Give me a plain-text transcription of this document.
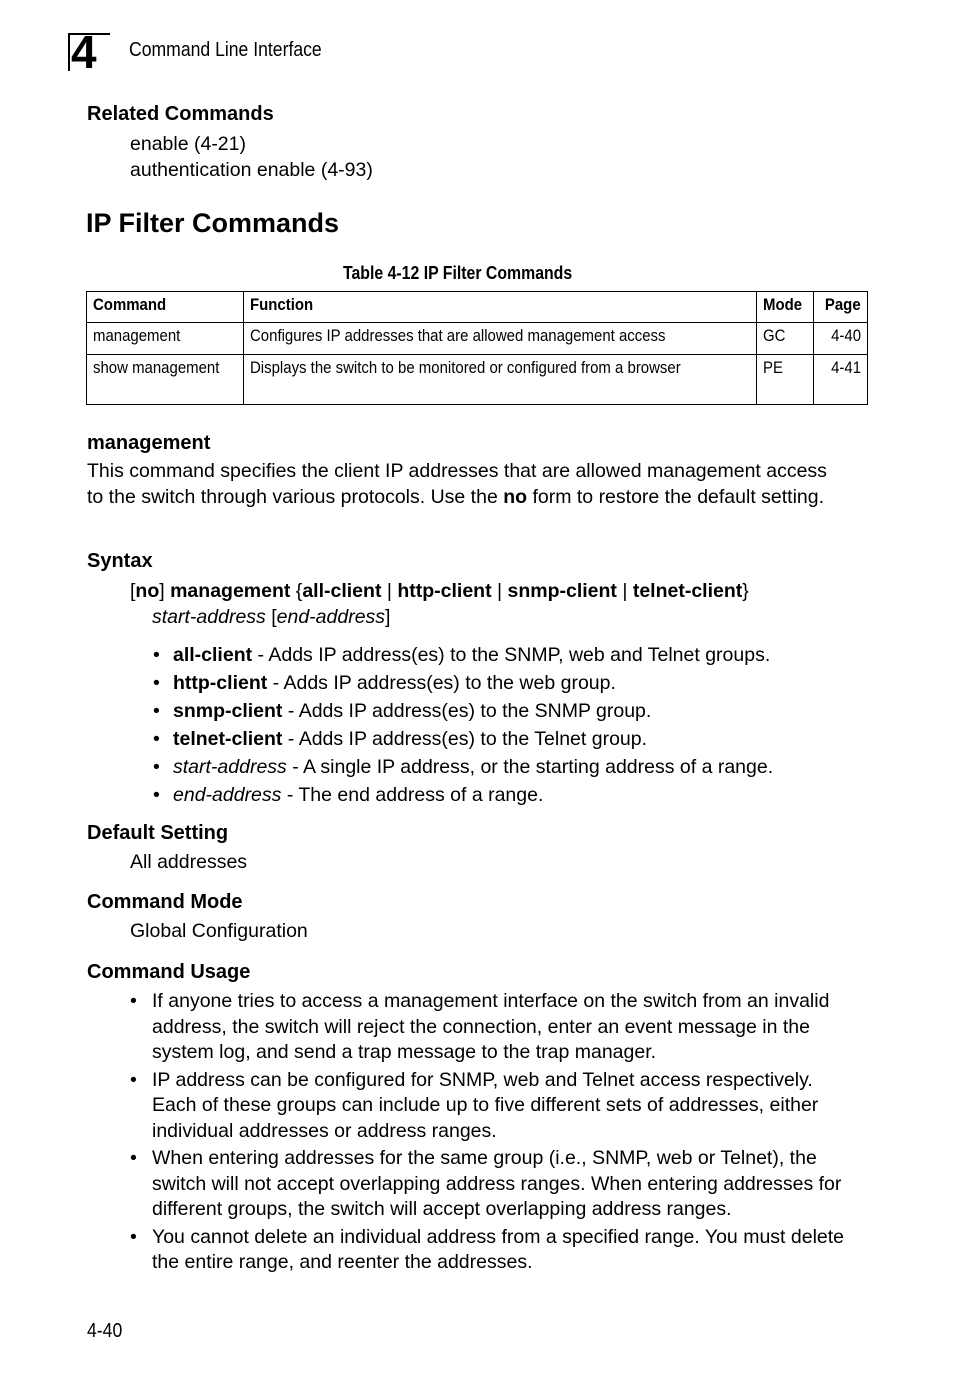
4 Command Line Interface
Related Commands
enable (4-21)
authentication enable (4-93)
IP Filter Commands
Table 4-12 IP Filter Commands
Command	Function	Mode	Page
management	Configures IP addresses that are allowed management access	GC	4-40
show management	Displays the switch to be monitored or configured from a browser	PE	4-41
management
This command specifies the client IP addresses that are allowed management access to the switch through various protocols. Use the no form to restore the default setting.
Syntax
[no] management {all-client | http-client | snmp-client | telnet-client}
start-address [end-address]
• all-client - Adds IP address(es) to the SNMP, web and Telnet groups.
• http-client - Adds IP address(es) to the web group.
• snmp-client - Adds IP address(es) to the SNMP group.
• telnet-client - Adds IP address(es) to the Telnet group.
• start-address - A single IP address, or the starting address of a range.
• end-address - The end address of a range.
Default Setting
All addresses
Command Mode
Global Configuration
Command Usage
• If anyone tries to access a management interface on the switch from an invalid address, the switch will reject the connection, enter an event message in the system log, and send a trap message to the trap manager.
• IP address can be configured for SNMP, web and Telnet access respectively. Each of these groups can include up to five different sets of addresses, either individual addresses or address ranges.
• When entering addresses for the same group (i.e., SNMP, web or Telnet), the switch will not accept overlapping address ranges. When entering addresses for different groups, the switch will accept overlapping address ranges.
• You cannot delete an individual address from a specified range. You must delete the entire range, and reenter the addresses.
4-40
